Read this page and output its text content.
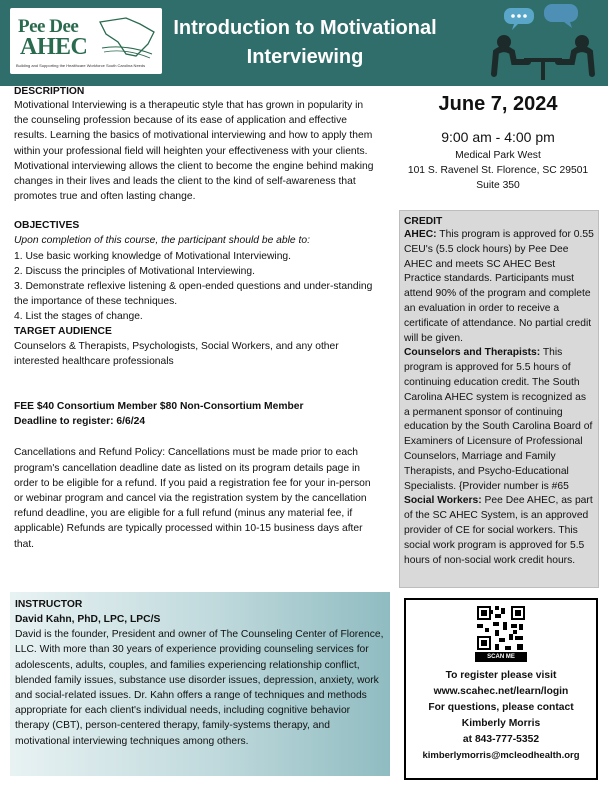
Pee Dee
AHEC
Building and Supporting the Healthcare Workforce South Carolina Needs
Introduction to Motivational
Interviewing
DESCRIPTION

Motivational Interviewing is a therapeutic style that has grown in popularity in the counseling profession because of its ease of application and effective results. Learning the basics of motivational interviewing and how to apply them within your professional field will heighten your effectiveness with your clients. Motivational interviewing allows the client to become the engine behind making changes in their lives and leads the client to the kind of self-awareness that promotes true and often lasting change.

OBJECTIVES
Upon completion of this course, the participant should be able to:
1. Use basic working knowledge of Motivational Interviewing.
2. Discuss the principles of Motivational Interviewing.
3. Demonstrate reflexive listening & open-ended questions and under-standing the importance of these techniques.
4. List the stages of change.
TARGET AUDIENCE
Counselors & Therapists, Psychologists, Social Workers, and any other interested healthcare professionals
FEE $40 Consortium Member $80 Non-Consortium Member
Deadline to register: 6/6/24
Cancellations and Refund Policy: Cancellations must be made prior to each program's cancellation deadline date as listed on its program details page in order to be eligible for a refund. If you paid a registration fee for your in-person or webinar program and cancel via the registration system by the cancellation refund deadline, you are eligible for a full refund (minus any material fee, if applicable) Refunds are typically processed within 10-15 business days after that.
June 7, 2024
9:00 am - 4:00 pm
Medical Park West
101 S. Ravenel St. Florence, SC 29501
Suite 350
CREDIT
AHEC: This program is approved for 0.55 CEU's (5.5 clock hours) by Pee Dee AHEC and meets SC AHEC Best Practice standards. Participants must attend 90% of the program and complete an evaluation in order to receive a certificate of attendance. No partial credit will be given.
Counselors and Therapists: This program is approved for 5.5 hours of continuing education credit. The South Carolina AHEC system is recognized as a permanent sponsor of continuing education by the South Carolina Board of Examiners of Licensure of Professional Counselors, Marriage and Family Therapists, and Psycho-Educational Specialists. {Provider number is #65
Social Workers: Pee Dee AHEC, as part of the SC AHEC System, is an approved provider of CE for social workers. This social work program is approved for 5.5 hours of non-social work credit hours.
INSTRUCTOR
David Kahn, PhD, LPC, LPC/S
David is the founder, President and owner of The Counseling Center of Florence, LLC. With more than 30 years of experience providing counseling services for adolescents, adults, couples, and families experiencing relationship conflict, blended family issues, substance use disorder issues, depression, anxiety, work and social-related issues. Dr. Kahn offers a range of techniques and methods appropriate for each client's individual needs, including cognitive behavior therapy (CBT), person-centered therapy, family-systems therapy, and motivational interviewing techniques among others.
SCAN ME
To register please visit
www.scahec.net/learn/login
For questions, please contact
Kimberly Morris
at 843-777-5352
kimberlymorris@mcleodhealth.org
